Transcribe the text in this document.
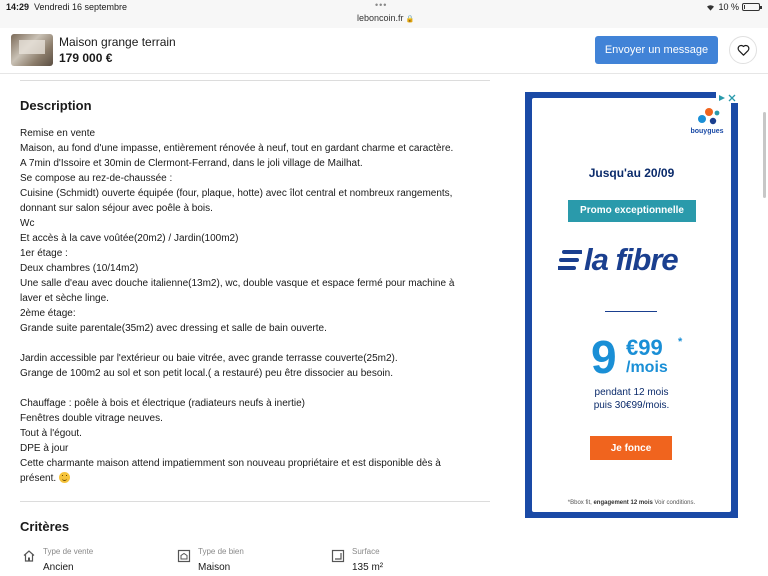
14:29 Vendredi 16 septembre	•••
leboncoin.fr 🔒
10 %
Maison grange terrain
179 000 €
Envoyer un message
Description
Remise en vente
Maison, au fond d'une impasse, entièrement rénovée à neuf, tout en gardant charme et caractère.
A 7min d'Issoire et 30min de Clermont-Ferrand, dans le joli village de Mailhat.
Se compose au rez-de-chaussée :
Cuisine (Schmidt) ouverte équipée (four, plaque, hotte) avec îlot central et nombreux rangements,
donnant sur salon séjour avec poêle à bois.
Wc
Et accès à la cave voûtée(20m2) / Jardin(100m2)
1er étage :
Deux chambres (10/14m2)
Une salle d'eau avec douche italienne(13m2), wc, double vasque et espace fermé pour machine à
laver et sèche linge.
2ème étage:
Grande suite parentale(35m2) avec dressing et salle de bain ouverte.
Jardin accessible par l'extérieur ou baie vitrée, avec grande terrasse couverte(25m2).
Grange de 100m2 au sol et son petit local.( a restauré) peu être dissocier au besoin.
Chauffage : poêle à bois et électrique (radiateurs neufs à inertie)
Fenêtres double vitrage neuves.
Tout à l'égout.
DPE à jour
Cette charmante maison attend impatiemment son nouveau propriétaire et est disponible dès à
présent.
Critères
Type de vente
Ancien
Type de bien
Maison
Surface
135 m²
bouygues
Jusqu'au 20/09
Promo exceptionnelle
la fibre
9 €99 *
/mois
pendant 12 mois
puis 30€99/mois.
Je fonce
*Bbox fit, engagement 12 mois Voir conditions.
